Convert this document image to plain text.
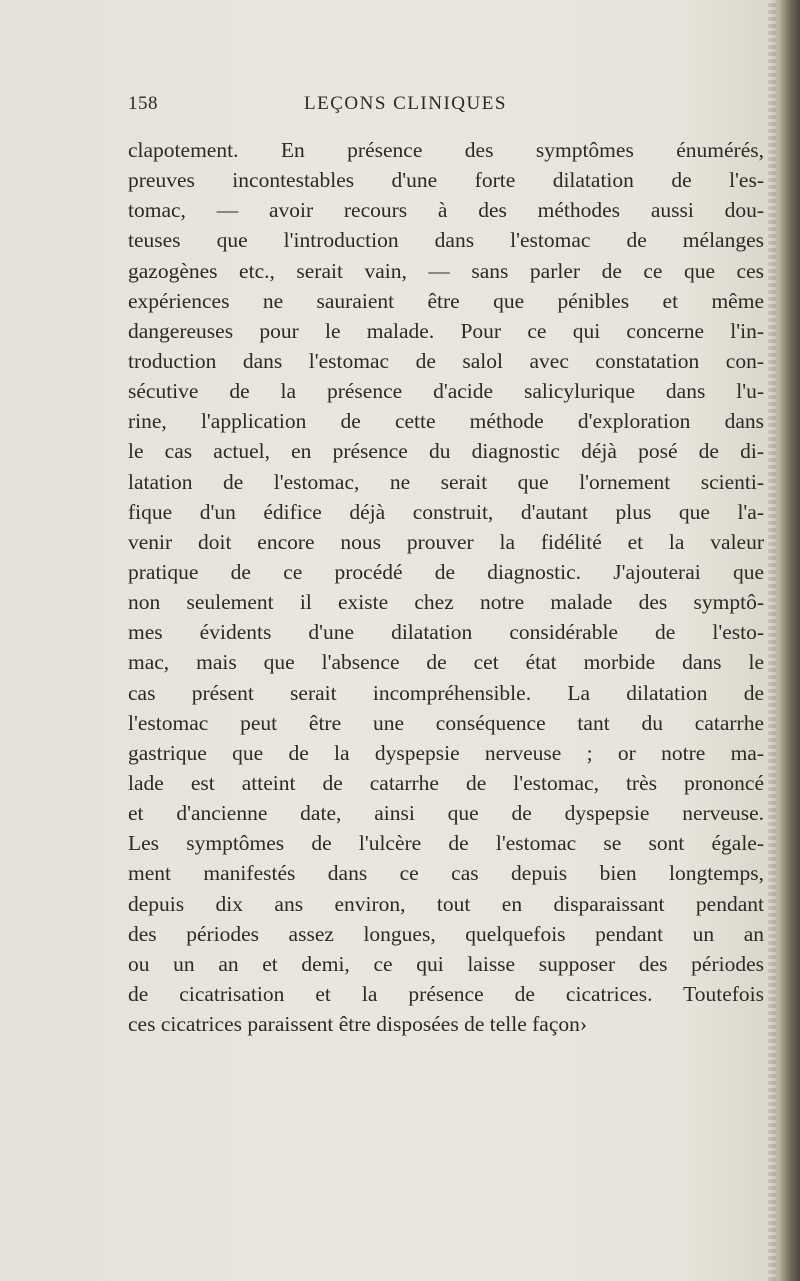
158	LEÇONS CLINIQUES
clapotement. En présence des symptômes énumérés,
preuves incontestables d'une forte dilatation de l'es-
tomac, — avoir recours à des méthodes aussi dou-
teuses que l'introduction dans l'estomac de mélanges
gazogènes etc., serait vain, — sans parler de ce que ces
expériences ne sauraient être que pénibles et même
dangereuses pour le malade. Pour ce qui concerne l'in-
troduction dans l'estomac de salol avec constatation con-
sécutive de la présence d'acide salicylurique dans l'u-
rine, l'application de cette méthode d'exploration dans
le cas actuel, en présence du diagnostic déjà posé de di-
latation de l'estomac, ne serait que l'ornement scienti-
fique d'un édifice déjà construit, d'autant plus que l'a-
venir doit encore nous prouver la fidélité et la valeur
pratique de ce procédé de diagnostic. J'ajouterai que
non seulement il existe chez notre malade des symptô-
mes évidents d'une dilatation considérable de l'esto-
mac, mais que l'absence de cet état morbide dans le
cas présent serait incompréhensible. La dilatation de
l'estomac peut être une conséquence tant du catarrhe
gastrique que de la dyspepsie nerveuse ; or notre ma-
lade est atteint de catarrhe de l'estomac, très prononcé
et d'ancienne date, ainsi que de dyspepsie nerveuse.
Les symptômes de l'ulcère de l'estomac se sont égale-
ment manifestés dans ce cas depuis bien longtemps,
depuis dix ans environ, tout en disparaissant pendant
des périodes assez longues, quelquefois pendant un an
ou un an et demi, ce qui laisse supposer des périodes
de cicatrisation et la présence de cicatrices. Toutefois
ces cicatrices paraissent être disposées de telle façon›
